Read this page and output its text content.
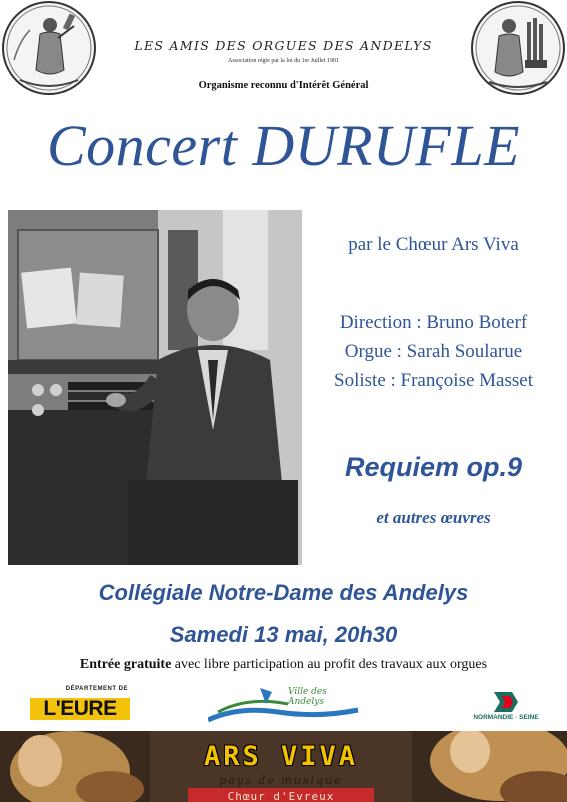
LES AMIS DES ORGUES DES ANDELYS
Association régie par la loi du 1er Juillet 1901
Organisme reconnu d'Intérêt Général
Concert DURUFLE
par le Chœur Ars Viva
Direction : Bruno Boterf
Orgue : Sarah Soularue
Soliste : Françoise Masset
Requiem op.9
et autres œuvres
Collégiale Notre-Dame des Andelys
Samedi 13 mai, 20h30
Entrée gratuite avec libre participation au profit des travaux aux orgues
DÉPARTEMENT DE
L'EURE
Ville des
Andelys
NORMANDIE · SEINE
ARS VIVA
pays de musique
Chœur d'Evreux
